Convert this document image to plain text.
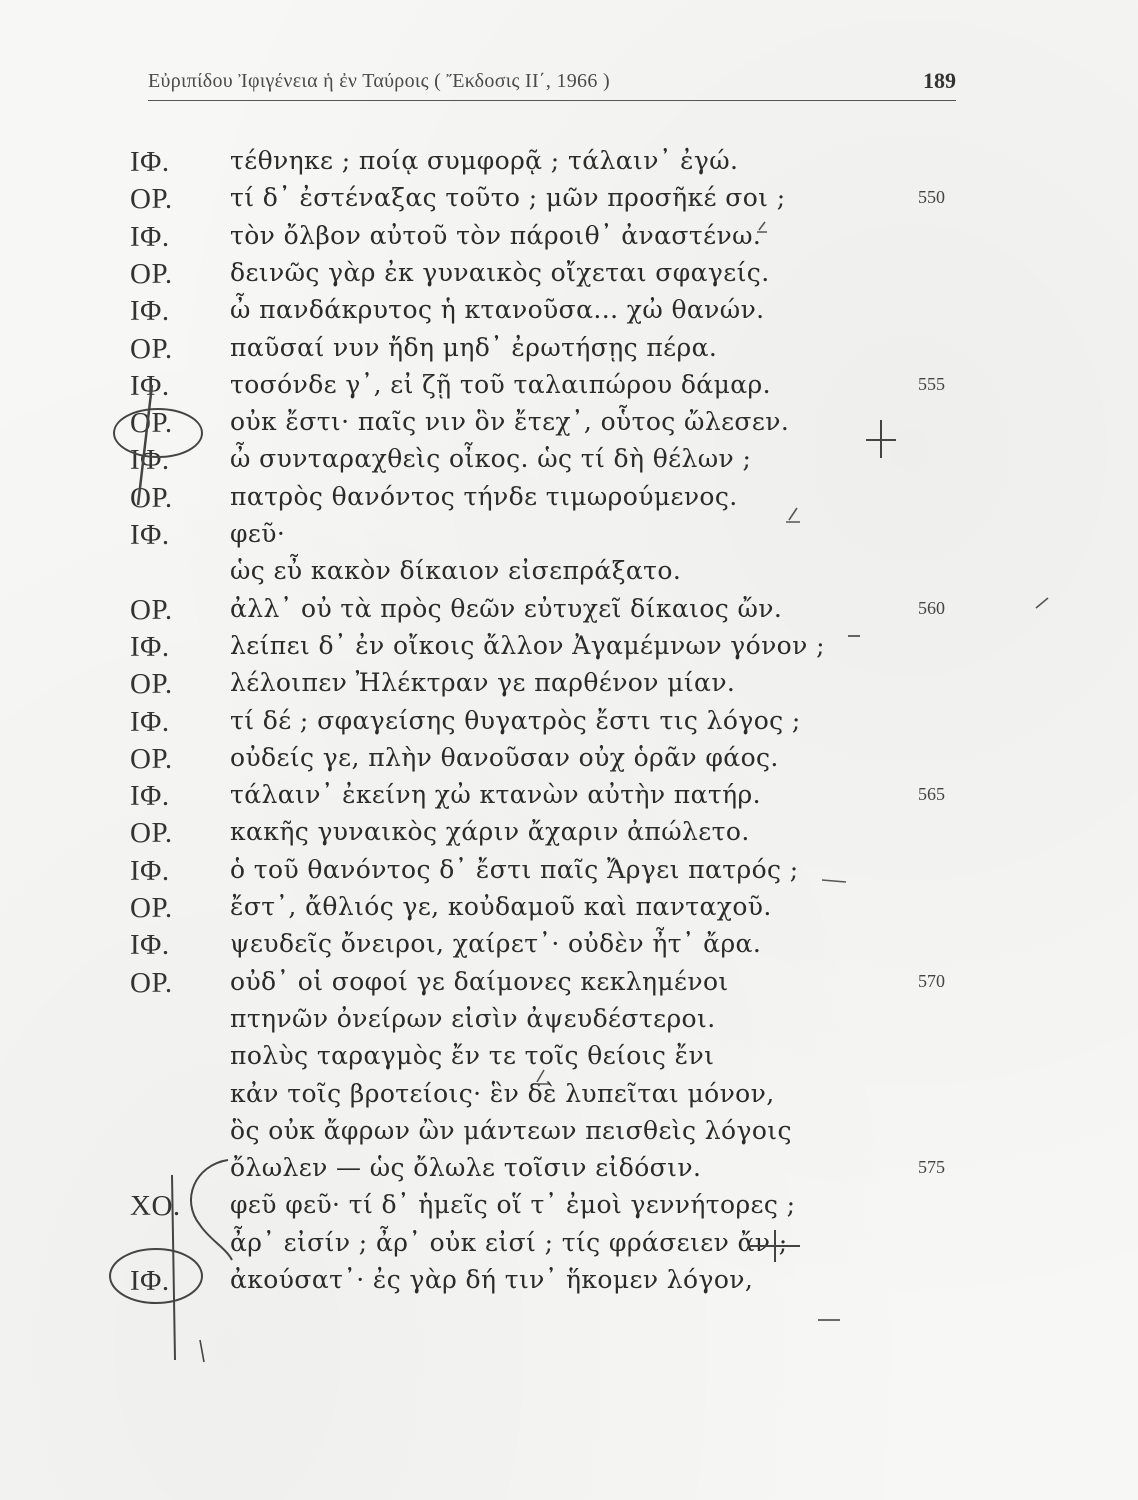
Εὐριπίδου Ἰφιγένεια ἡ ἐν Ταύροις ( Ἔκδοσις ΙΙ΄, 1966 )	189
ΙΦ.	τέθνηκε ; ποίᾳ συμφορᾷ ; τάλαιν᾽ ἐγώ.
ΟΡ.	τί δ᾽ ἐστέναξας τοῦτο ; μῶν προσῆκέ σοι ;	550
ΙΦ.	τὸν ὄλβον αὐτοῦ τὸν πάροιθ᾽ ἀναστένω.
ΟΡ.	δεινῶς γὰρ ἐκ γυναικὸς οἴχεται σφαγείς.
ΙΦ.	ὦ πανδάκρυτος ἡ κτανοῦσα... χὠ θανών.
ΟΡ.	παῦσαί νυν ἤδη μηδ᾽ ἐρωτήσῃς πέρα.
ΙΦ.	τοσόνδε γ᾽, εἰ ζῇ τοῦ ταλαιπώρου δάμαρ.	555
ΟΡ.	οὐκ ἔστι· παῖς νιν ὃν ἔτεχ᾽, οὗτος ὤλεσεν.
ΙΦ.	ὦ συνταραχθεὶς οἶκος. ὡς τί δὴ θέλων ;
ΟΡ.	πατρὸς θανόντος τήνδε τιμωρούμενος.
ΙΦ.	φεῦ·
ὡς εὖ κακὸν δίκαιον εἰσεπράξατο.
ΟΡ.	ἀλλ᾽ οὐ τὰ πρὸς θεῶν εὐτυχεῖ δίκαιος ὤν.	560
ΙΦ.	λείπει δ᾽ ἐν οἴκοις ἄλλον Ἀγαμέμνων γόνον ;
ΟΡ.	λέλοιπεν Ἠλέκτραν γε παρθένον μίαν.
ΙΦ.	τί δέ ; σφαγείσης θυγατρὸς ἔστι τις λόγος ;
ΟΡ.	οὐδείς γε, πλὴν θανοῦσαν οὐχ ὁρᾶν φάος.
ΙΦ.	τάλαιν᾽ ἐκείνη χὠ κτανὼν αὐτὴν πατήρ.	565
ΟΡ.	κακῆς γυναικὸς χάριν ἄχαριν ἀπώλετο.
ΙΦ.	ὁ τοῦ θανόντος δ᾽ ἔστι παῖς Ἄργει πατρός ;
ΟΡ.	ἔστ᾽, ἄθλιός γε, κοὐδαμοῦ καὶ πανταχοῦ.
ΙΦ.	ψευδεῖς ὄνειροι, χαίρετ᾽· οὐδὲν ἦτ᾽ ἄρα.
ΟΡ.	οὐδ᾽ οἱ σοφοί γε δαίμονες κεκλημένοι	570
πτηνῶν ὀνείρων εἰσὶν ἀψευδέστεροι.
πολὺς ταραγμὸς ἔν τε τοῖς θείοις ἔνι
κἀν τοῖς βροτείοις· ἓν δὲ λυπεῖται μόνον,
ὃς οὐκ ἄφρων ὢν μάντεων πεισθεὶς λόγοις
ὄλωλεν — ὡς ὄλωλε τοῖσιν εἰδόσιν.	575
ΧΟ.	φεῦ φεῦ· τί δ᾽ ἡμεῖς οἵ τ᾽ ἐμοὶ γεννήτορες ;
ἆρ᾽ εἰσίν ; ἆρ᾽ οὐκ εἰσί ; τίς φράσειεν ἄν ;
ΙΦ.	ἀκούσατ᾽· ἐς γὰρ δή τιν᾽ ἥκομεν λόγον,
